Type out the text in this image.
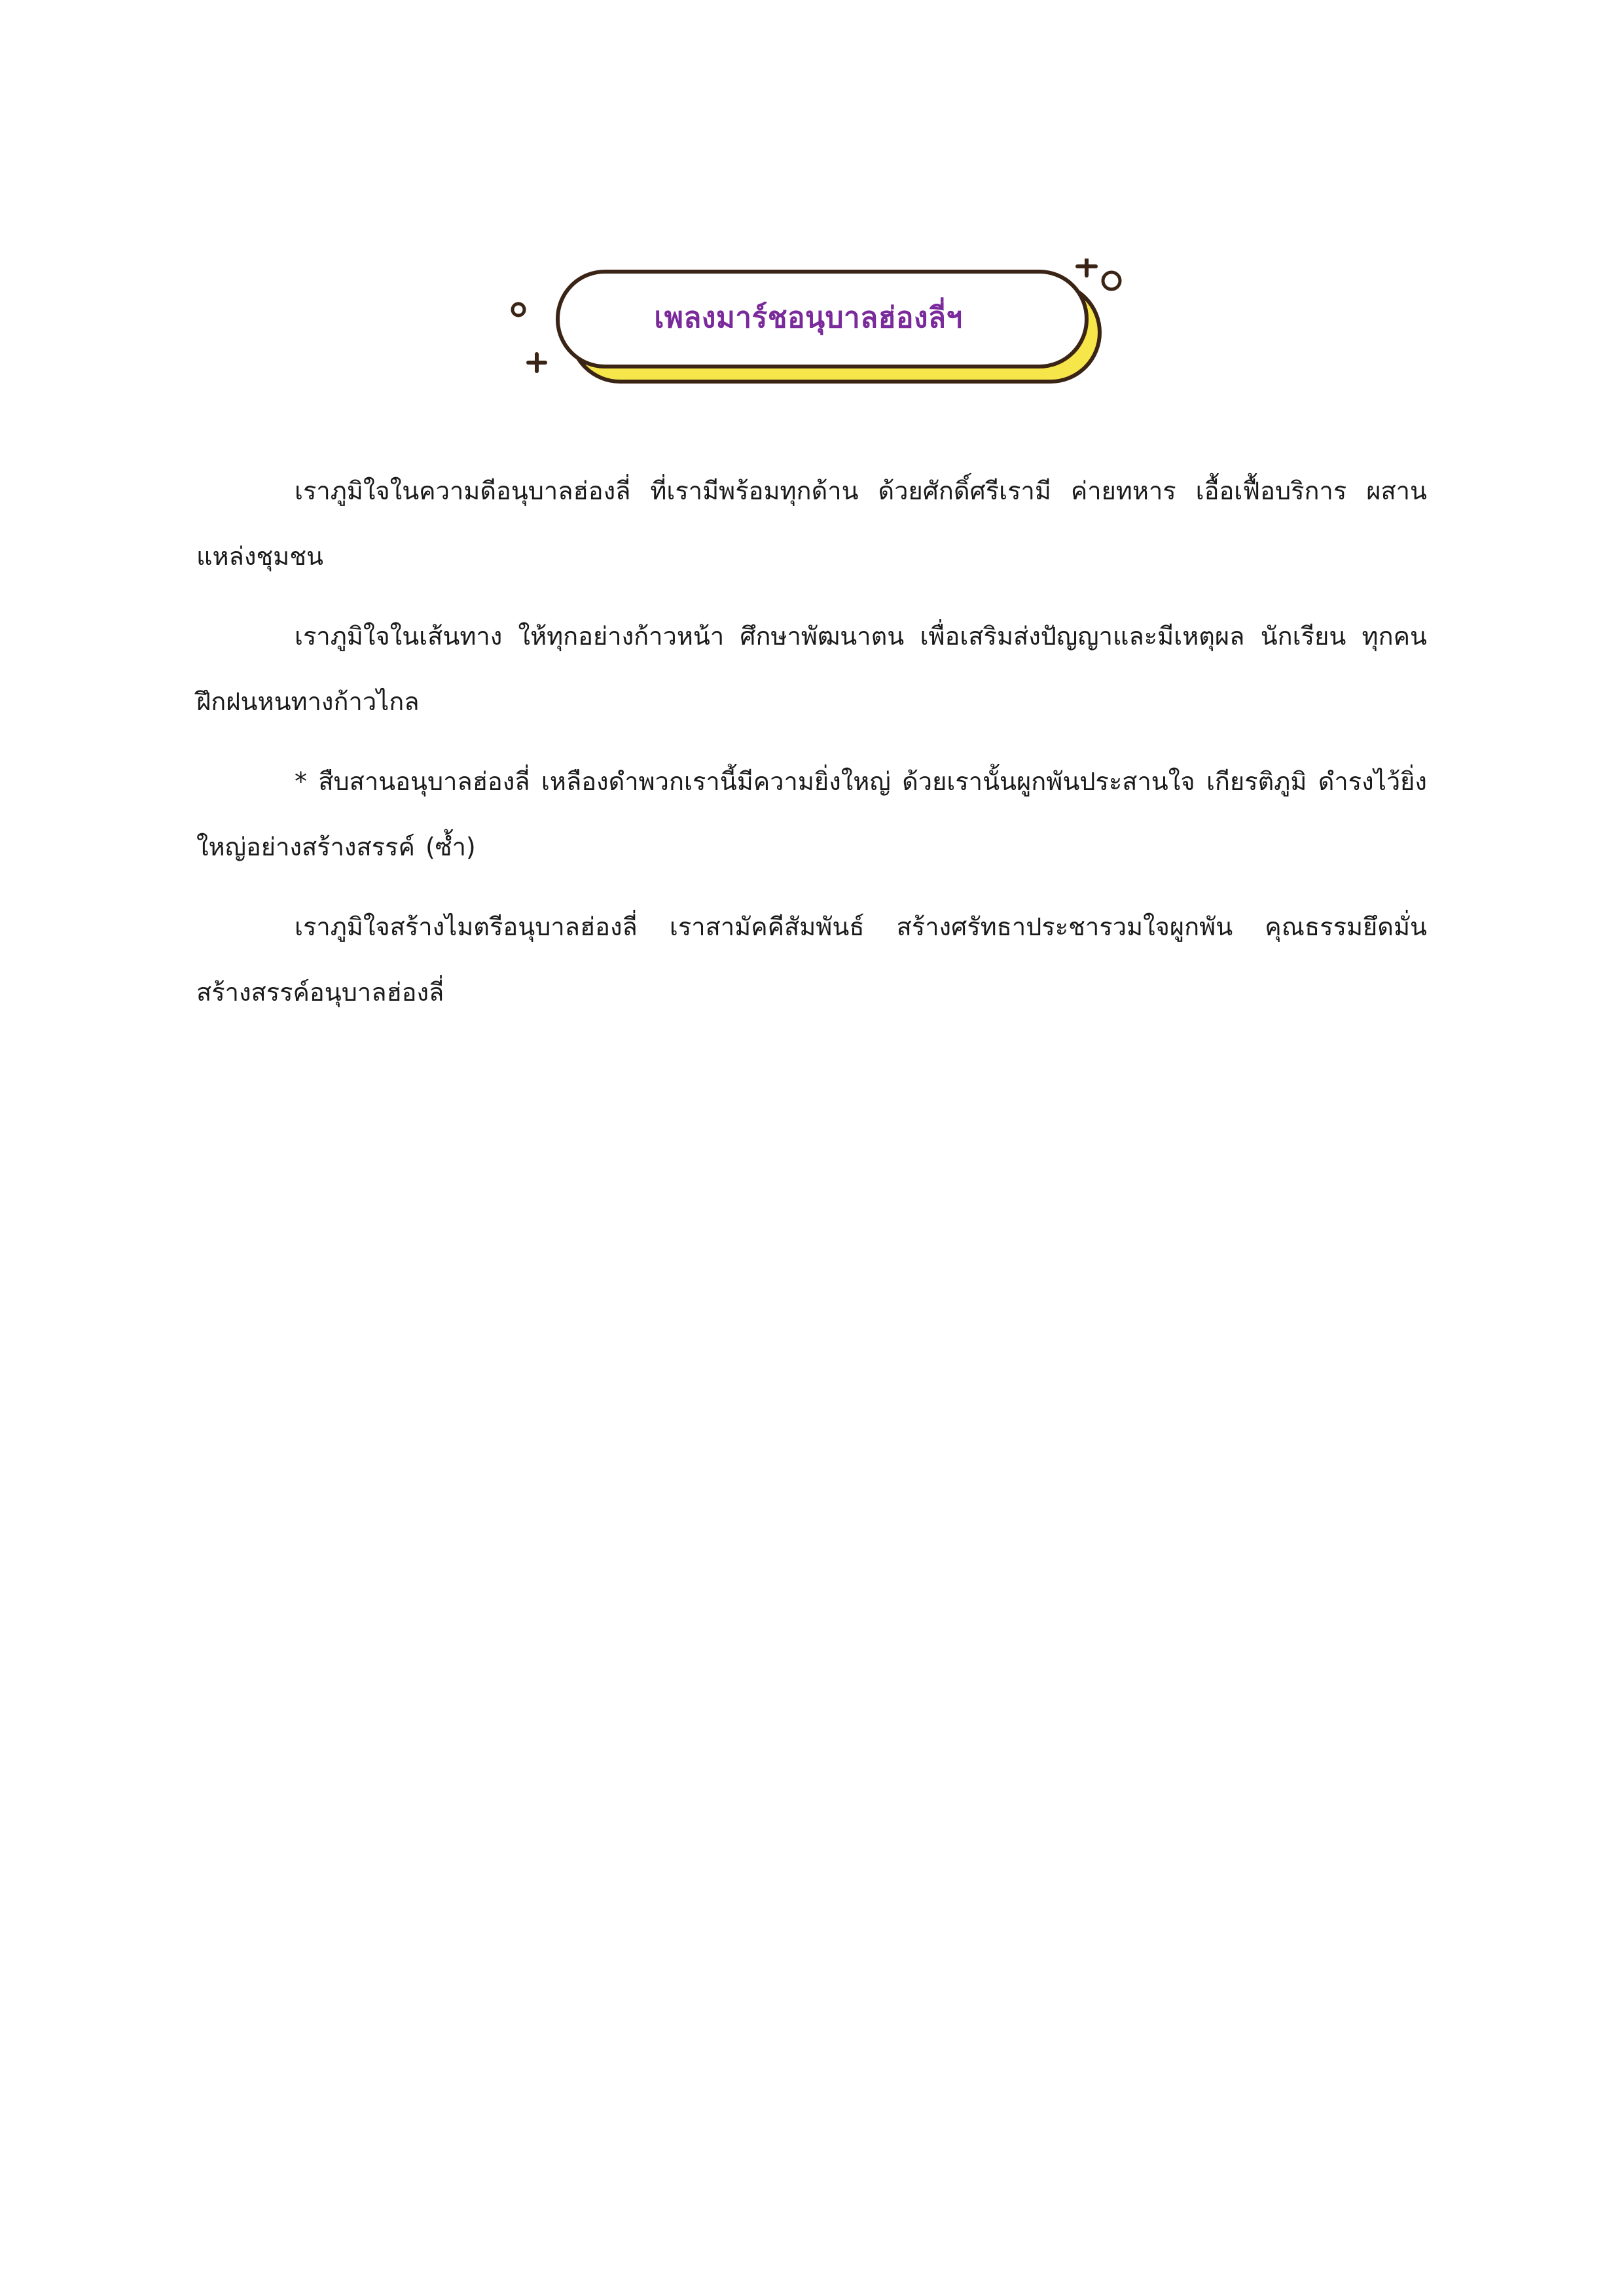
เพลงมาร์ชอนุบาลฮ่องลี่ฯ

เราภูมิใจในความดีอนุบาลฮ่องลี่ ที่เรามีพร้อมทุกด้าน ด้วยศักดิ์ศรีเรามี ค่ายทหาร เอื้อเฟื้อบริการ ผสานแหล่งชุมชน

เราภูมิใจในเส้นทาง ให้ทุกอย่างก้าวหน้า ศึกษาพัฒนาตน เพื่อเสริมส่งปัญญาและมีเหตุผล นักเรียน ทุกคนฝึกฝนหนทางก้าวไกล

* สืบสานอนุบาลฮ่องลี่ เหลืองดำพวกเรานี้มีความยิ่งใหญ่ ด้วยเรานั้นผูกพันประสานใจ เกียรติภูมิ ดำรงไว้ยิ่งใหญ่อย่างสร้างสรรค์ (ซ้ำ)

เราภูมิใจสร้างไมตรีอนุบาลฮ่องลี่ เราสามัคคีสัมพันธ์ สร้างศรัทธาประชารวมใจผูกพัน คุณธรรมยึดมั่น สร้างสรรค์อนุบาลฮ่องลี่
